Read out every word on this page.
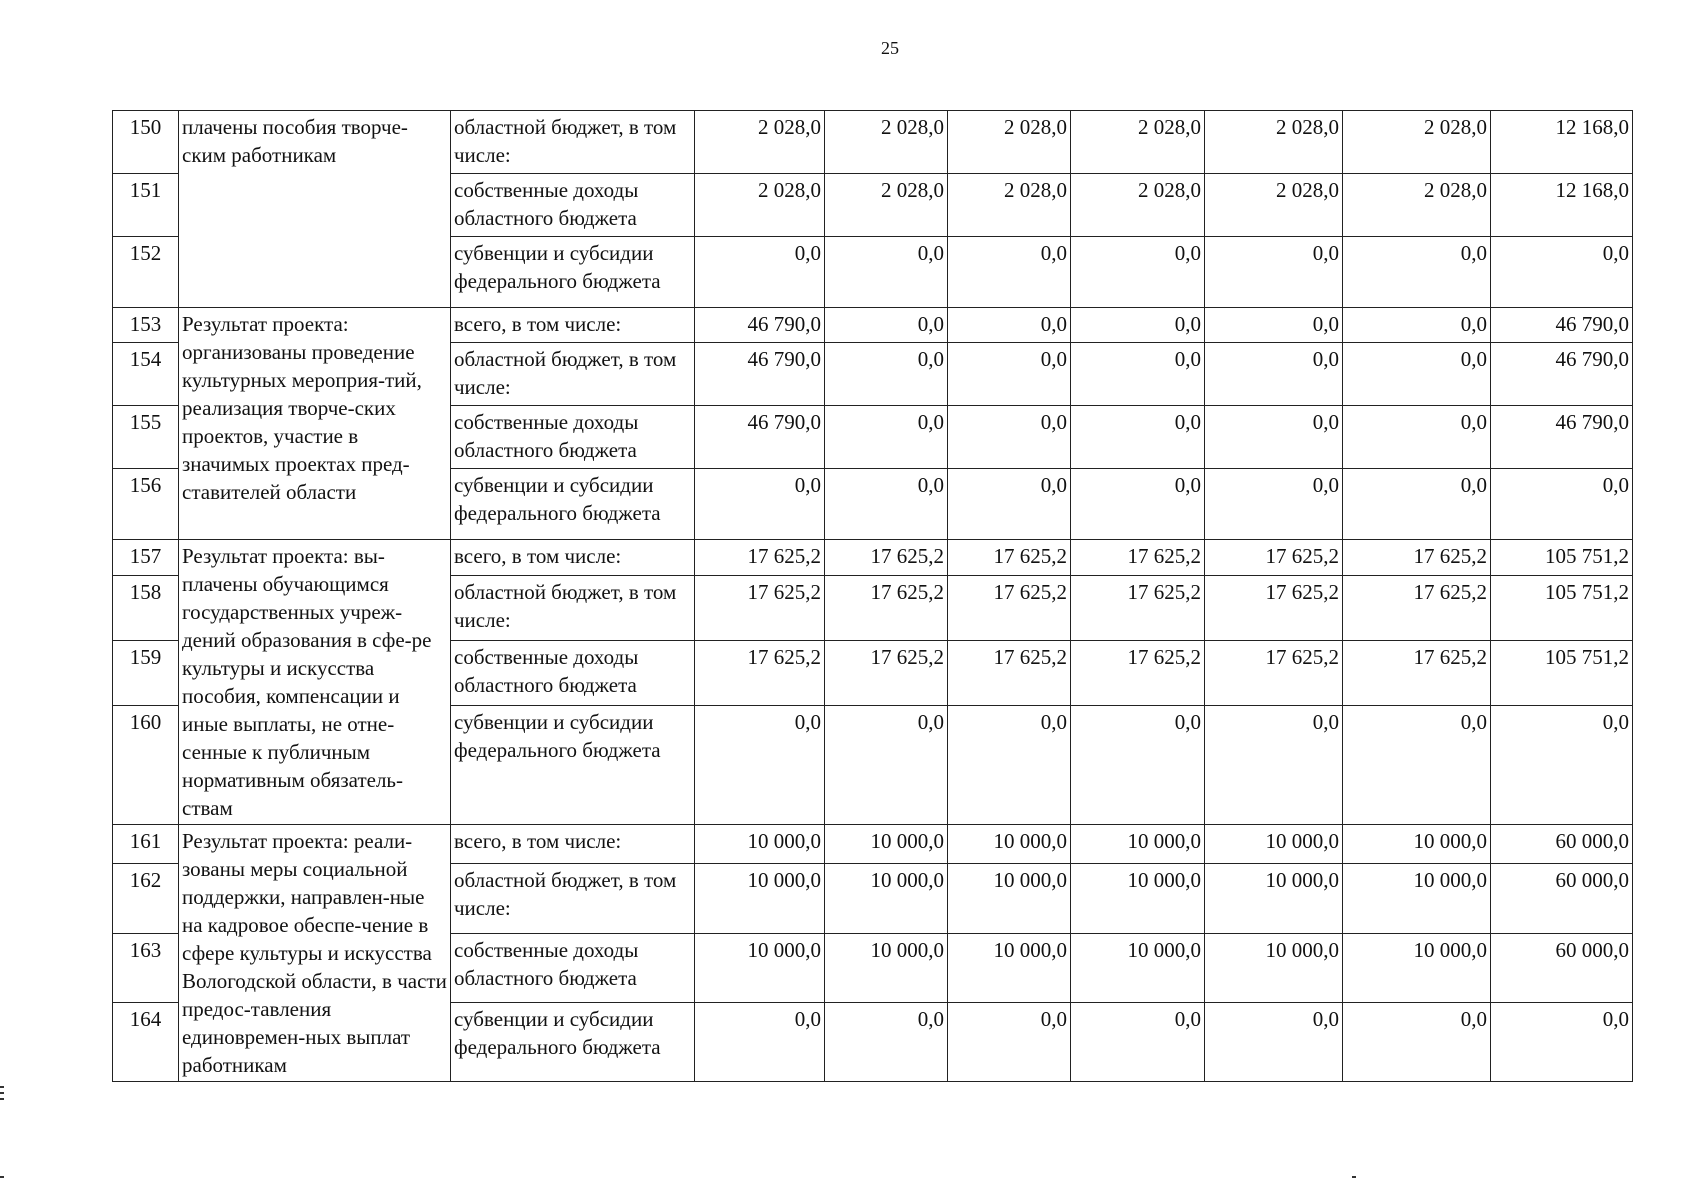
25
150	плачены пособия творче-ским работникам	областной бюджет, в том числе:	2 028,0	2 028,0	2 028,0	2 028,0	2 028,0	2 028,0	12 168,0
151		собственные доходы областного бюджета	2 028,0	2 028,0	2 028,0	2 028,0	2 028,0	2 028,0	12 168,0
152		субвенции и субсидии федерального бюджета	0,0	0,0	0,0	0,0	0,0	0,0	0,0
153	Результат проекта: организованы проведение культурных мероприя-тий, реализация творче-ских проектов, участие в значимых проектах пред-ставителей области	всего, в том числе:	46 790,0	0,0	0,0	0,0	0,0	0,0	46 790,0
154		областной бюджет, в том числе:	46 790,0	0,0	0,0	0,0	0,0	0,0	46 790,0
155		собственные доходы областного бюджета	46 790,0	0,0	0,0	0,0	0,0	0,0	46 790,0
156		субвенции и субсидии федерального бюджета	0,0	0,0	0,0	0,0	0,0	0,0	0,0
157	Результат проекта: вы-плачены обучающимся государственных учреж-дений образования в сфе-ре культуры и искусства пособия, компенсации и иные выплаты, не отне-сенные к публичным нормативным обязатель-ствам	всего, в том числе:	17 625,2	17 625,2	17 625,2	17 625,2	17 625,2	17 625,2	105 751,2
158		областной бюджет, в том числе:	17 625,2	17 625,2	17 625,2	17 625,2	17 625,2	17 625,2	105 751,2
159		собственные доходы областного бюджета	17 625,2	17 625,2	17 625,2	17 625,2	17 625,2	17 625,2	105 751,2
160		субвенции и субсидии федерального бюджета	0,0	0,0	0,0	0,0	0,0	0,0	0,0
161	Результат проекта: реали-зованы меры социальной поддержки, направлен-ные на кадровое обеспе-чение в сфере культуры и искусства Вологодской области, в части предос-тавления единовремен-ных выплат работникам	всего, в том числе:	10 000,0	10 000,0	10 000,0	10 000,0	10 000,0	10 000,0	60 000,0
162		областной бюджет, в том числе:	10 000,0	10 000,0	10 000,0	10 000,0	10 000,0	10 000,0	60 000,0
163		собственные доходы областного бюджета	10 000,0	10 000,0	10 000,0	10 000,0	10 000,0	10 000,0	60 000,0
164		субвенции и субсидии федерального бюджета	0,0	0,0	0,0	0,0	0,0	0,0	0,0
